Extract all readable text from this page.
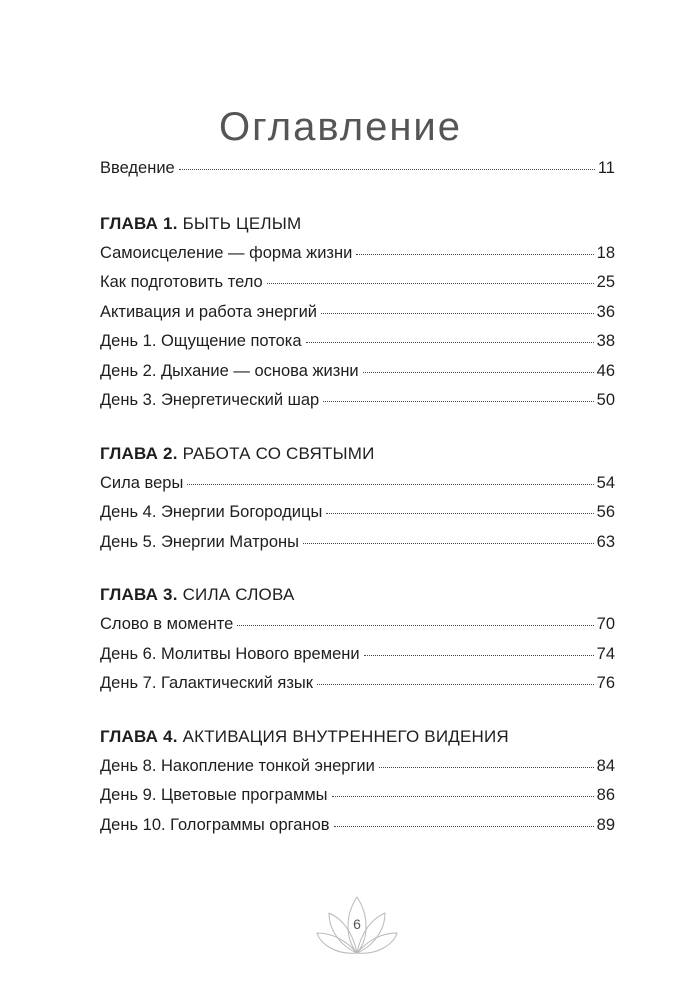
Оглавление
Введение	11
ГЛАВА 1. БЫТЬ ЦЕЛЫМ
Самоисцеление — форма жизни	18
Как подготовить тело	25
Активация и работа энергий	36
День 1. Ощущение потока	38
День 2. Дыхание — основа жизни	46
День 3. Энергетический шар	50
ГЛАВА 2. РАБОТА СО СВЯТЫМИ
Сила веры	54
День 4. Энергии Богородицы	56
День 5. Энергии Матроны	63
ГЛАВА 3. СИЛА СЛОВА
Слово в моменте	70
День 6. Молитвы Нового времени	74
День 7. Галактический язык	76
ГЛАВА 4. АКТИВАЦИЯ ВНУТРЕННЕГО ВИДЕНИЯ
День 8. Накопление тонкой энергии	84
День 9. Цветовые программы	86
День 10. Голограммы органов	89
6
